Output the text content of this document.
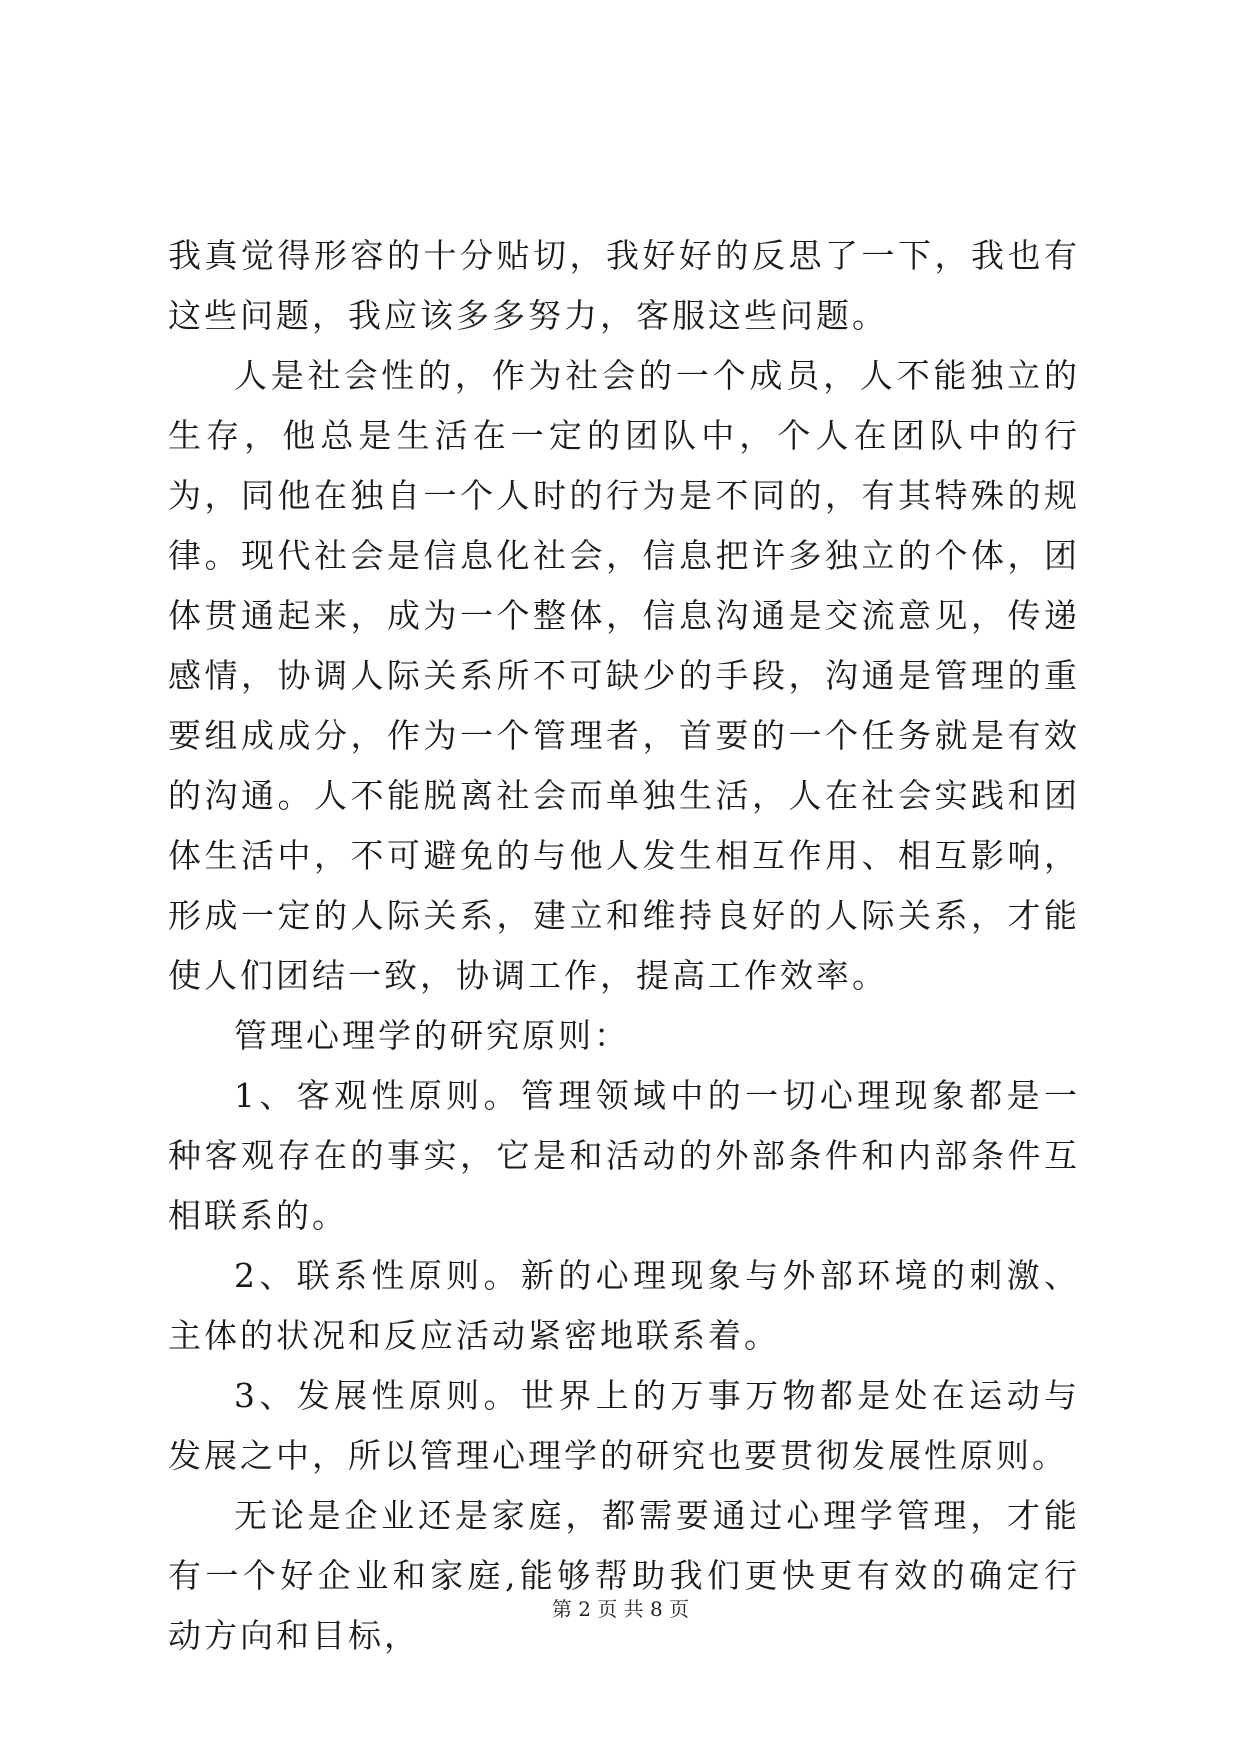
我真觉得形容的十分贴切，我好好的反思了一下，我也有这些问题，我应该多多努力，客服这些问题。

人是社会性的，作为社会的一个成员，人不能独立的生存，他总是生活在一定的团队中，个人在团队中的行为，同他在独自一个人时的行为是不同的，有其特殊的规律。现代社会是信息化社会，信息把许多独立的个体，团体贯通起来，成为一个整体，信息沟通是交流意见，传递感情，协调人际关系所不可缺少的手段，沟通是管理的重要组成成分，作为一个管理者，首要的一个任务就是有效的沟通。人不能脱离社会而单独生活，人在社会实践和团体生活中，不可避免的与他人发生相互作用、相互影响，形成一定的人际关系，建立和维持良好的人际关系，才能使人们团结一致，协调工作，提高工作效率。

管理心理学的研究原则：

1、客观性原则。管理领域中的一切心理现象都是一种客观存在的事实，它是和活动的外部条件和内部条件互相联系的。

2、联系性原则。新的心理现象与外部环境的刺激、主体的状况和反应活动紧密地联系着。

3、发展性原则。世界上的万事万物都是处在运动与发展之中，所以管理心理学的研究也要贯彻发展性原则。

无论是企业还是家庭，都需要通过心理学管理，才能有一个好企业和家庭,能够帮助我们更快更有效的确定行动方向和目标，

第 2 页 共 8 页
